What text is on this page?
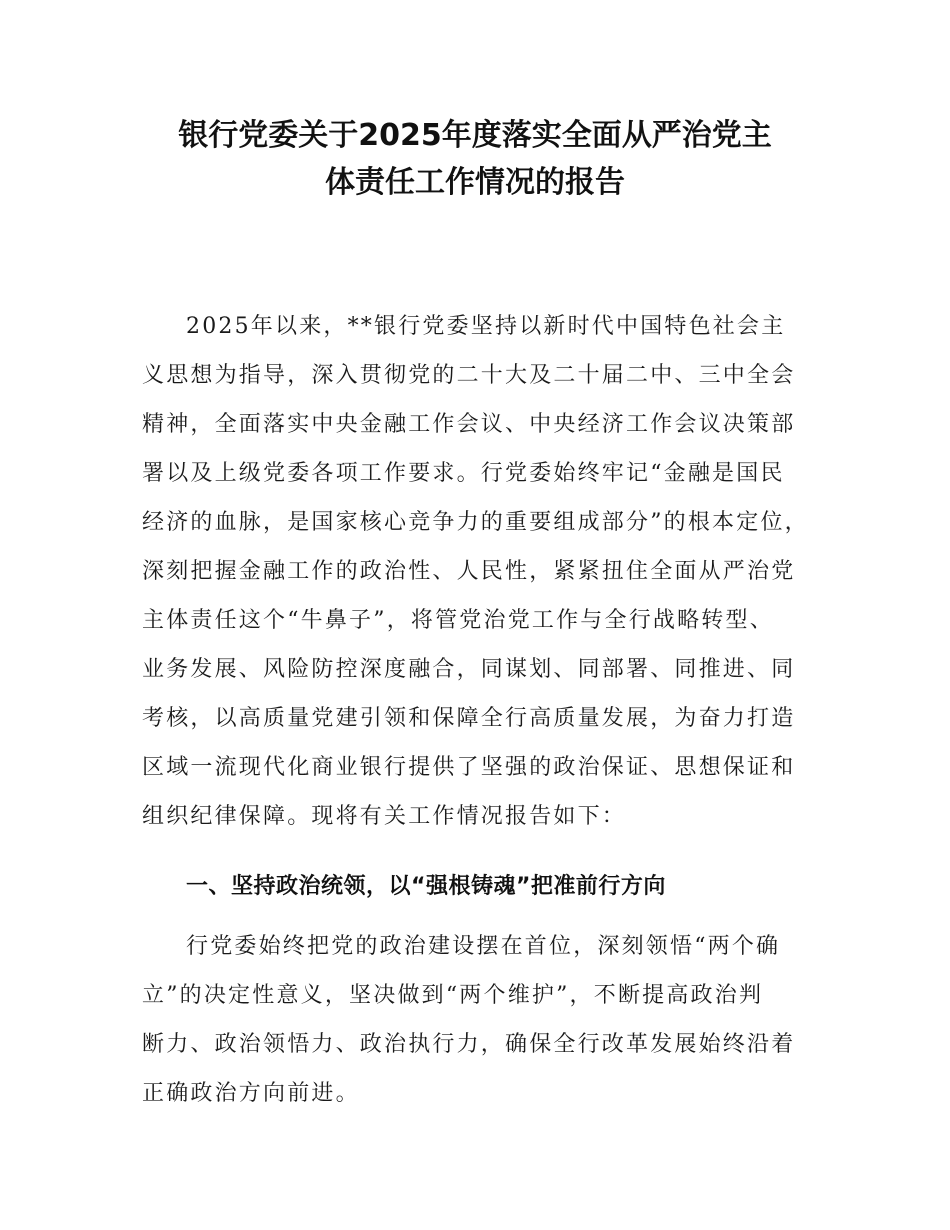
银行党委关于2025年度落实全面从严治党主
体责任工作情况的报告
2025年以来，**银行党委坚持以新时代中国特色社会主
义思想为指导，深入贯彻党的二十大及二十届二中、三中全会
精神，全面落实中央金融工作会议、中央经济工作会议决策部
署以及上级党委各项工作要求。行党委始终牢记“金融是国民
经济的血脉，是国家核心竞争力的重要组成部分”的根本定位，
深刻把握金融工作的政治性、人民性，紧紧扭住全面从严治党
主体责任这个“牛鼻子”，将管党治党工作与全行战略转型、
业务发展、风险防控深度融合，同谋划、同部署、同推进、同
考核，以高质量党建引领和保障全行高质量发展，为奋力打造
区域一流现代化商业银行提供了坚强的政治保证、思想保证和
组织纪律保障。现将有关工作情况报告如下：
一、坚持政治统领，以“强根铸魂”把准前行方向
行党委始终把党的政治建设摆在首位，深刻领悟“两个确
立”的决定性意义，坚决做到“两个维护”，不断提高政治判
断力、政治领悟力、政治执行力，确保全行改革发展始终沿着
正确政治方向前进。
